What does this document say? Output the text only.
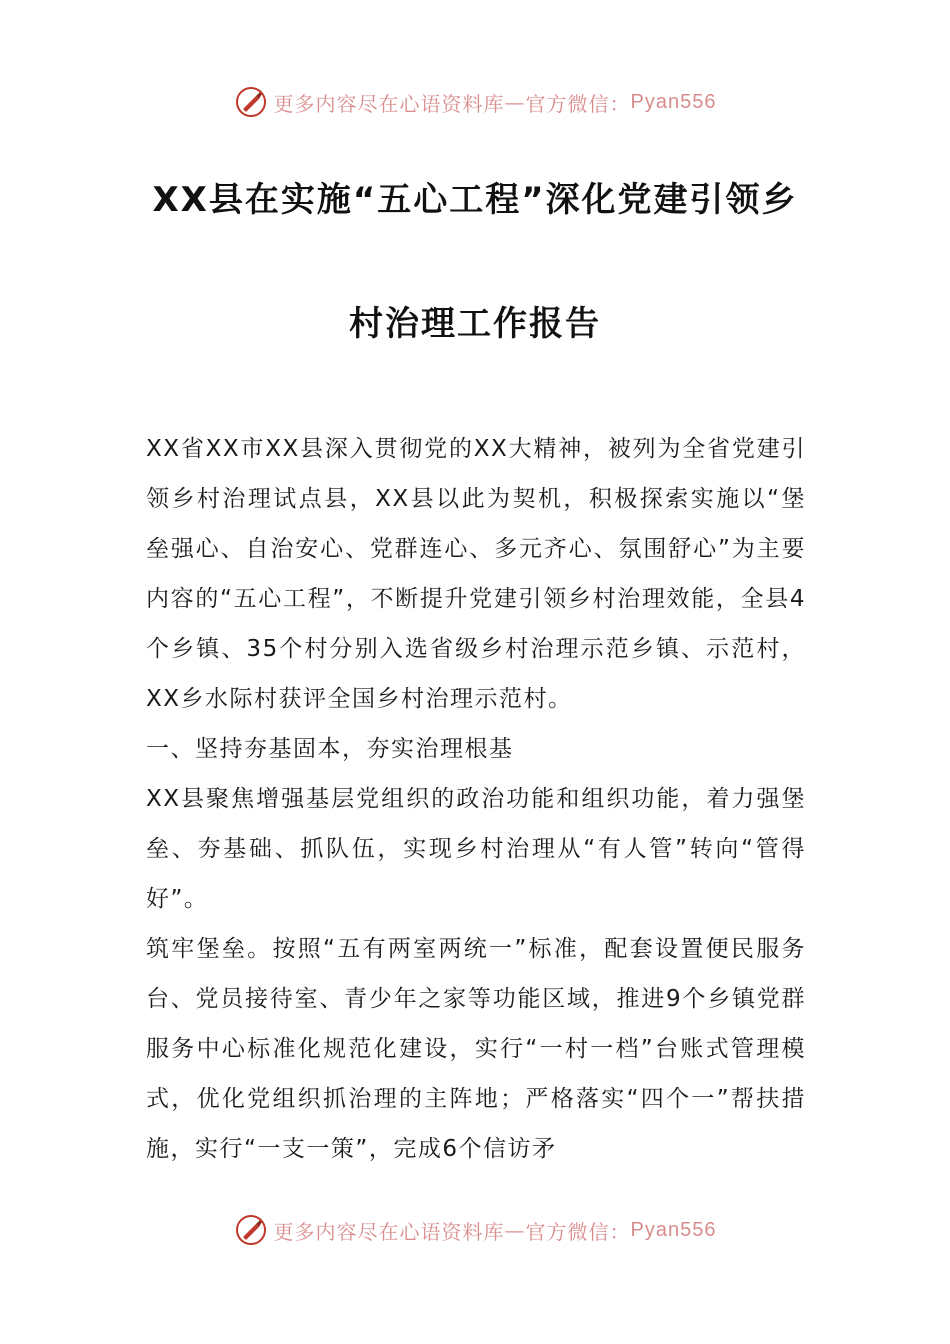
更多内容尽在心语资料库 — 官方微信： Pyan556
XX县在实施“五心工程”深化党建引领乡
村治理工作报告

XX省XX市XX县深入贯彻党的XX大精神，被列为全省党建引领乡村治理试点县，XX县以此为契机，积极探索实施以“堡垒强心、自治安心、党群连心、多元齐心、氛围舒心”为主要内容的“五心工程”，不断提升党建引领乡村治理效能，全县4个乡镇、35个村分别入选省级乡村治理示范乡镇、示范村，XX乡水际村获评全国乡村治理示范村。

一、坚持夯基固本，夯实治理根基

XX县聚焦增强基层党组织的政治功能和组织功能，着力强堡垒、夯基础、抓队伍，实现乡村治理从“有人管”转向“管得好”。

筑牢堡垒。按照“五有两室两统一”标准，配套设置便民服务台、党员接待室、青少年之家等功能区域，推进9个乡镇党群服务中心标准化规范化建设，实行“一村一档”台账式管理模式，优化党组织抓治理的主阵地；严格落实“四个一”帮扶措施，实行“一支一策”，完成6个信访矛

更多内容尽在心语资料库 — 官方微信： Pyan556
